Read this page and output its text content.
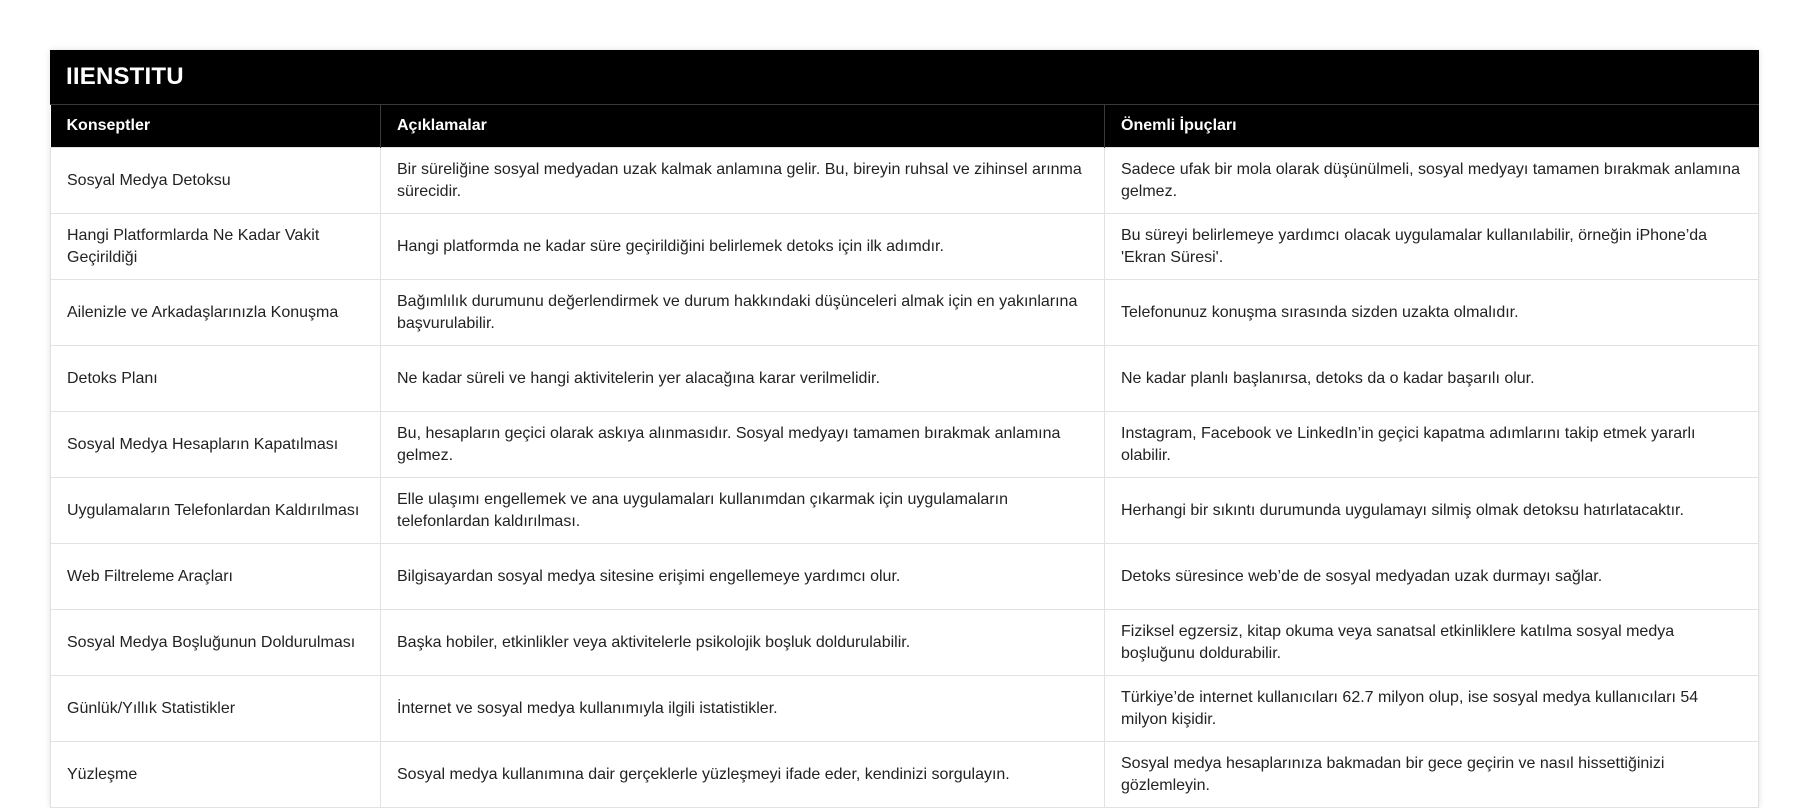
IIENSTITU
Konseptler	Açıklamalar	Önemli İpuçları
Sosyal Medya Detoksu	Bir süreliğine sosyal medyadan uzak kalmak anlamına gelir. Bu, bireyin ruhsal ve zihinsel arınma sürecidir.	Sadece ufak bir mola olarak düşünülmeli, sosyal medyayı tamamen bırakmak anlamına gelmez.
Hangi Platformlarda Ne Kadar Vakit Geçirildiği	Hangi platformda ne kadar süre geçirildiğini belirlemek detoks için ilk adımdır.	Bu süreyi belirlemeye yardımcı olacak uygulamalar kullanılabilir, örneğin iPhone’da 'Ekran Süresi'.
Ailenizle ve Arkadaşlarınızla Konuşma	Bağımlılık durumunu değerlendirmek ve durum hakkındaki düşünceleri almak için en yakınlarına başvurulabilir.	Telefonunuz konuşma sırasında sizden uzakta olmalıdır.
Detoks Planı	Ne kadar süreli ve hangi aktivitelerin yer alacağına karar verilmelidir.	Ne kadar planlı başlanırsa, detoks da o kadar başarılı olur.
Sosyal Medya Hesapların Kapatılması	Bu, hesapların geçici olarak askıya alınmasıdır. Sosyal medyayı tamamen bırakmak anlamına gelmez.	Instagram, Facebook ve LinkedIn’in geçici kapatma adımlarını takip etmek yararlı olabilir.
Uygulamaların Telefonlardan Kaldırılması	Elle ulaşımı engellemek ve ana uygulamaları kullanımdan çıkarmak için uygulamaların telefonlardan kaldırılması.	Herhangi bir sıkıntı durumunda uygulamayı silmiş olmak detoksu hatırlatacaktır.
Web Filtreleme Araçları	Bilgisayardan sosyal medya sitesine erişimi engellemeye yardımcı olur.	Detoks süresince web’de de sosyal medyadan uzak durmayı sağlar.
Sosyal Medya Boşluğunun Doldurulması	Başka hobiler, etkinlikler veya aktivitelerle psikolojik boşluk doldurulabilir.	Fiziksel egzersiz, kitap okuma veya sanatsal etkinliklere katılma sosyal medya boşluğunu doldurabilir.
Günlük/Yıllık Statistikler	İnternet ve sosyal medya kullanımıyla ilgili istatistikler.	Türkiye’de internet kullanıcıları 62.7 milyon olup, ise sosyal medya kullanıcıları 54 milyon kişidir.
Yüzleşme	Sosyal medya kullanımına dair gerçeklerle yüzleşmeyi ifade eder, kendinizi sorgulayın.	Sosyal medya hesaplarınıza bakmadan bir gece geçirin ve nasıl hissettiğinizi gözlemleyin.
